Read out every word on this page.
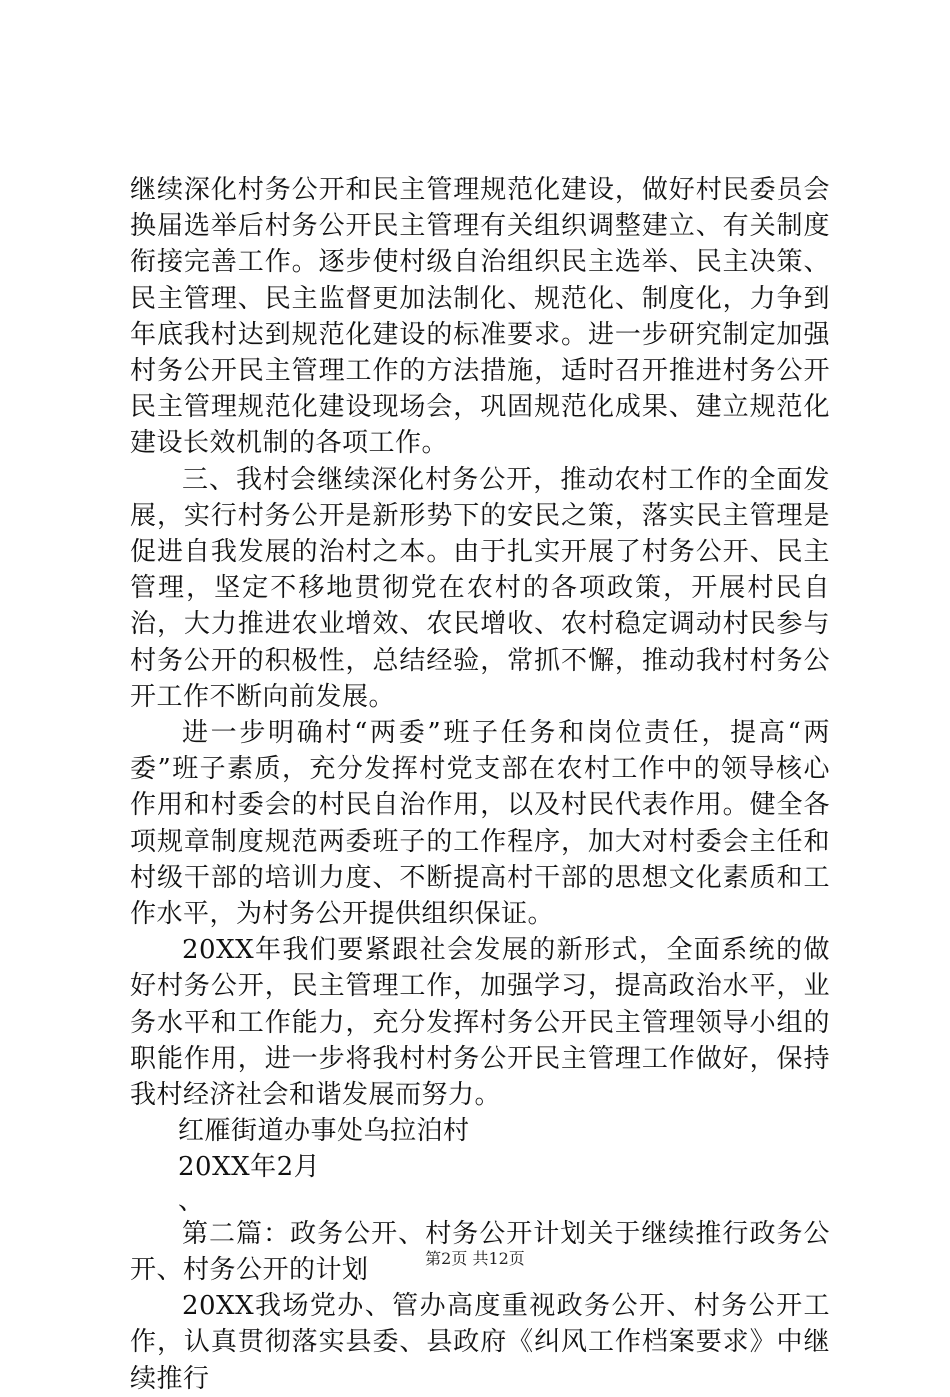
继续深化村务公开和民主管理规范化建设，做好村民委员会换届选举后村务公开民主管理有关组织调整建立、有关制度衔接完善工作。逐步使村级自治组织民主选举、民主决策、民主管理、民主监督更加法制化、规范化、制度化，力争到年底我村达到规范化建设的标准要求。进一步研究制定加强村务公开民主管理工作的方法措施，适时召开推进村务公开民主管理规范化建设现场会，巩固规范化成果、建立规范化建设长效机制的各项工作。

三、我村会继续深化村务公开，推动农村工作的全面发展，实行村务公开是新形势下的安民之策，落实民主管理是促进自我发展的治村之本。由于扎实开展了村务公开、民主管理，坚定不移地贯彻党在农村的各项政策，开展村民自治，大力推进农业增效、农民增收、农村稳定调动村民参与村务公开的积极性，总结经验，常抓不懈，推动我村村务公开工作不断向前发展。

进一步明确村“两委”班子任务和岗位责任，提高“两委”班子素质，充分发挥村党支部在农村工作中的领导核心作用和村委会的村民自治作用，以及村民代表作用。健全各项规章制度规范两委班子的工作程序，加大对村委会主任和村级干部的培训力度、不断提高村干部的思想文化素质和工作水平，为村务公开提供组织保证。

20XX年我们要紧跟社会发展的新形式，全面系统的做好村务公开，民主管理工作，加强学习，提高政治水平，业务水平和工作能力，充分发挥村务公开民主管理领导小组的职能作用，进一步将我村村务公开民主管理工作做好，保持我村经济社会和谐发展而努力。

红雁街道办事处乌拉泊村

20XX年2月

、

第二篇：政务公开、村务公开计划关于继续推行政务公开、村务公开的计划

20XX我场党办、管办高度重视政务公开、村务公开工作，认真贯彻落实县委、县政府《纠风工作档案要求》中继续推行

第2页 共12页
